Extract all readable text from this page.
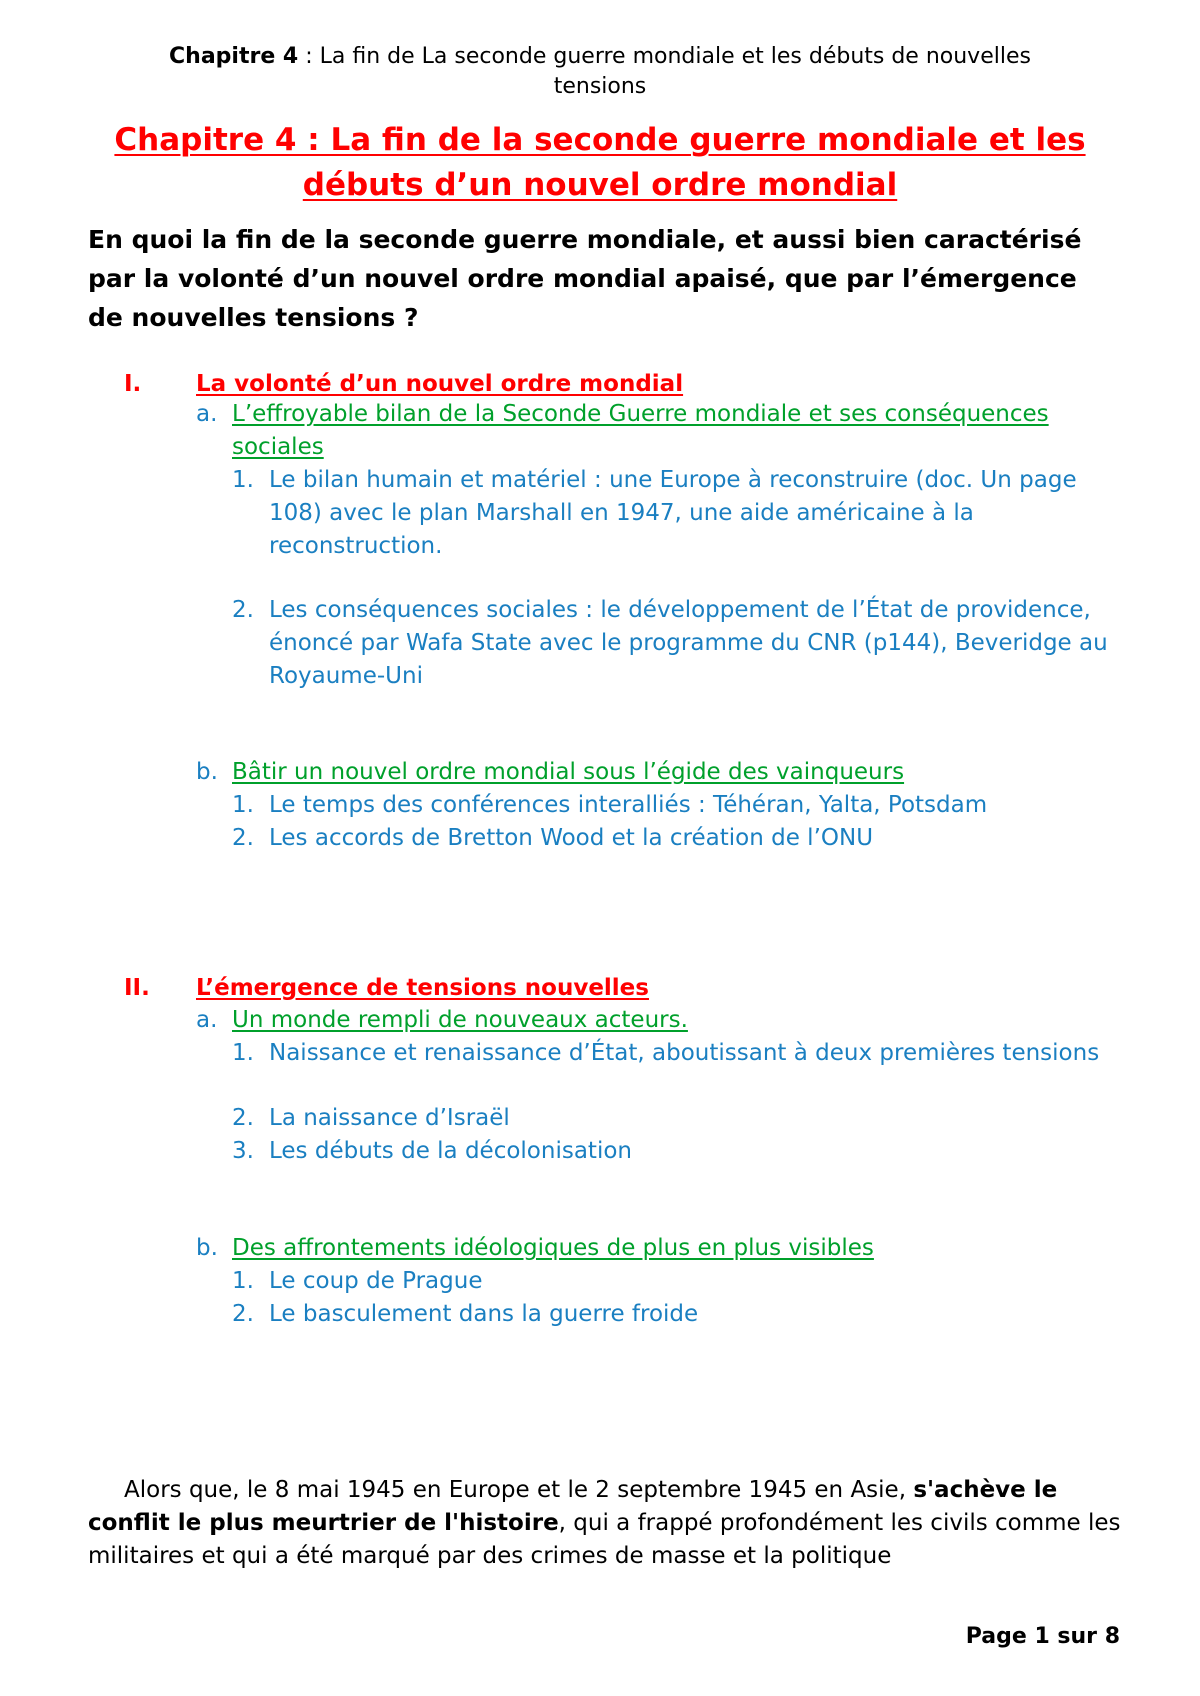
Chapitre 4 : La fin de La seconde guerre mondiale et les débuts de nouvelles tensions
Chapitre 4 : La fin de la seconde guerre mondiale et les débuts d’un nouvel ordre mondial
En quoi la fin de la seconde guerre mondiale, et aussi bien caractérisé par la volonté d’un nouvel ordre mondial apaisé, que par l’émergence de nouvelles tensions ?
I. La volonté d’un nouvel ordre mondial
a. L’effroyable bilan de la Seconde Guerre mondiale et ses conséquences sociales
1. Le bilan humain et matériel : une Europe à reconstruire (doc. Un page 108) avec le plan Marshall en 1947, une aide américaine à la reconstruction.
2. Les conséquences sociales : le développement de l’État de providence, énoncé par Wafa State avec le programme du CNR (p144), Beveridge au Royaume-Uni
b. Bâtir un nouvel ordre mondial sous l’égide des vainqueurs
1. Le temps des conférences interalliés : Téhéran, Yalta, Potsdam
2. Les accords de Bretton Wood et la création de l’ONU
II. L’émergence de tensions nouvelles
a. Un monde rempli de nouveaux acteurs.
1. Naissance et renaissance d’État, aboutissant à deux premières tensions
2. La naissance d’Israël
3. Les débuts de la décolonisation
b. Des affrontements idéologiques de plus en plus visibles
1. Le coup de Prague
2. Le basculement dans la guerre froide
Alors que, le 8 mai 1945 en Europe et le 2 septembre 1945 en Asie, s'achève le conflit le plus meurtrier de l'histoire, qui a frappé profondément les civils comme les militaires et qui a été marqué par des crimes de masse et la politique
Page 1 sur 8
